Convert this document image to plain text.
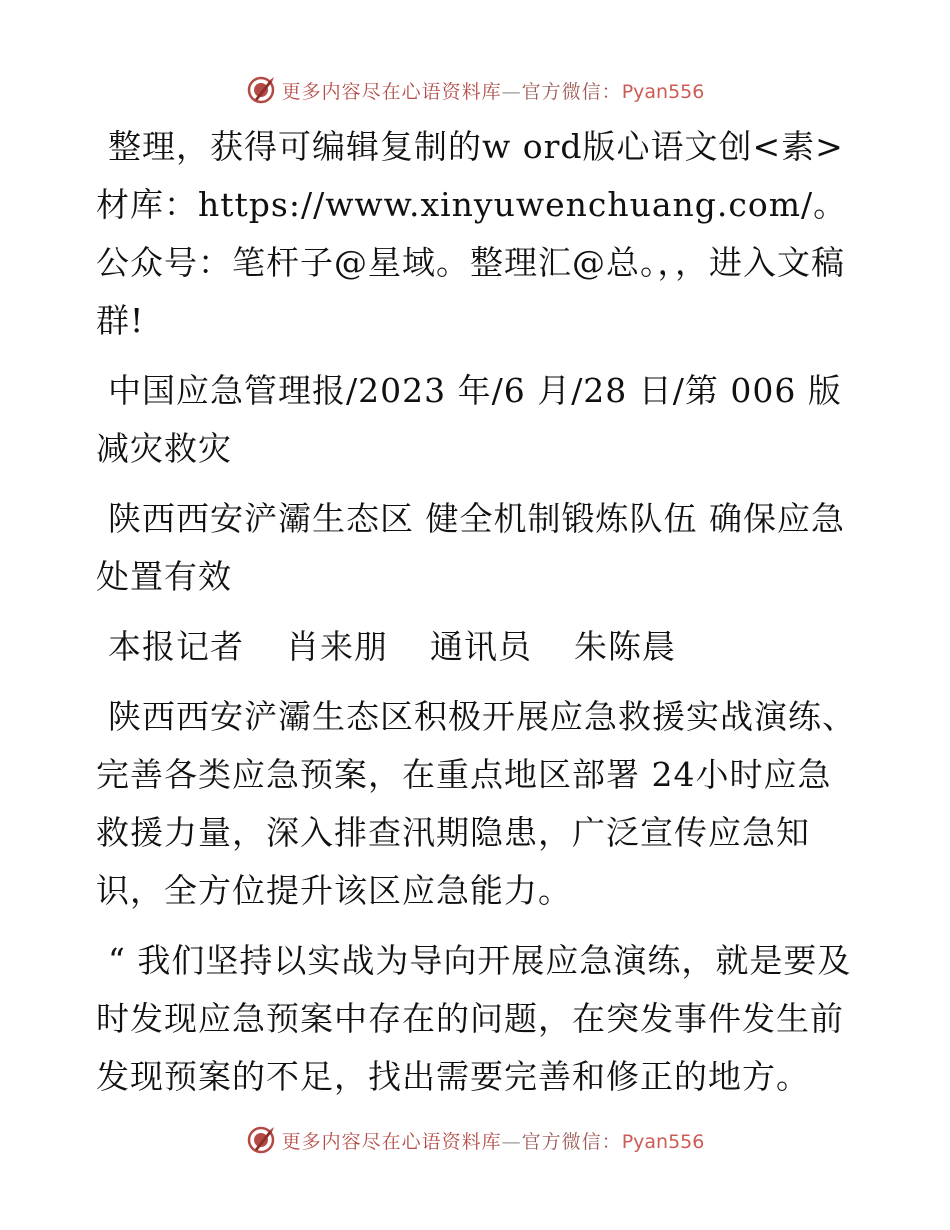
更多内容尽在心语资料库—官方微信：Pyan556

整理，获得可编辑复制的w ord版心语文创<素>材库：https://www.xinyuwenchuang.com/。公众号：笔杆子@星域。整理汇@总。，，进入文稿群!

中国应急管理报/2023 年/6 月/28 日/第 006 版减灾救灾

陕西西安浐灞生态区 健全机制锻炼队伍 确保应急处置有效

本报记者 肖来朋 通讯员 朱陈晨

陕西西安浐灞生态区积极开展应急救援实战演练、完善各类应急预案，在重点地区部署 24小时应急救援力量，深入排查汛期隐患，广泛宣传应急知识，全方位提升该区应急能力。

“ 我们坚持以实战为导向开展应急演练，就是要及时发现应急预案中存在的问题，在突发事件发生前发现预案的不足，找出需要完善和修正的地方。

更多内容尽在心语资料库—官方微信：Pyan556
